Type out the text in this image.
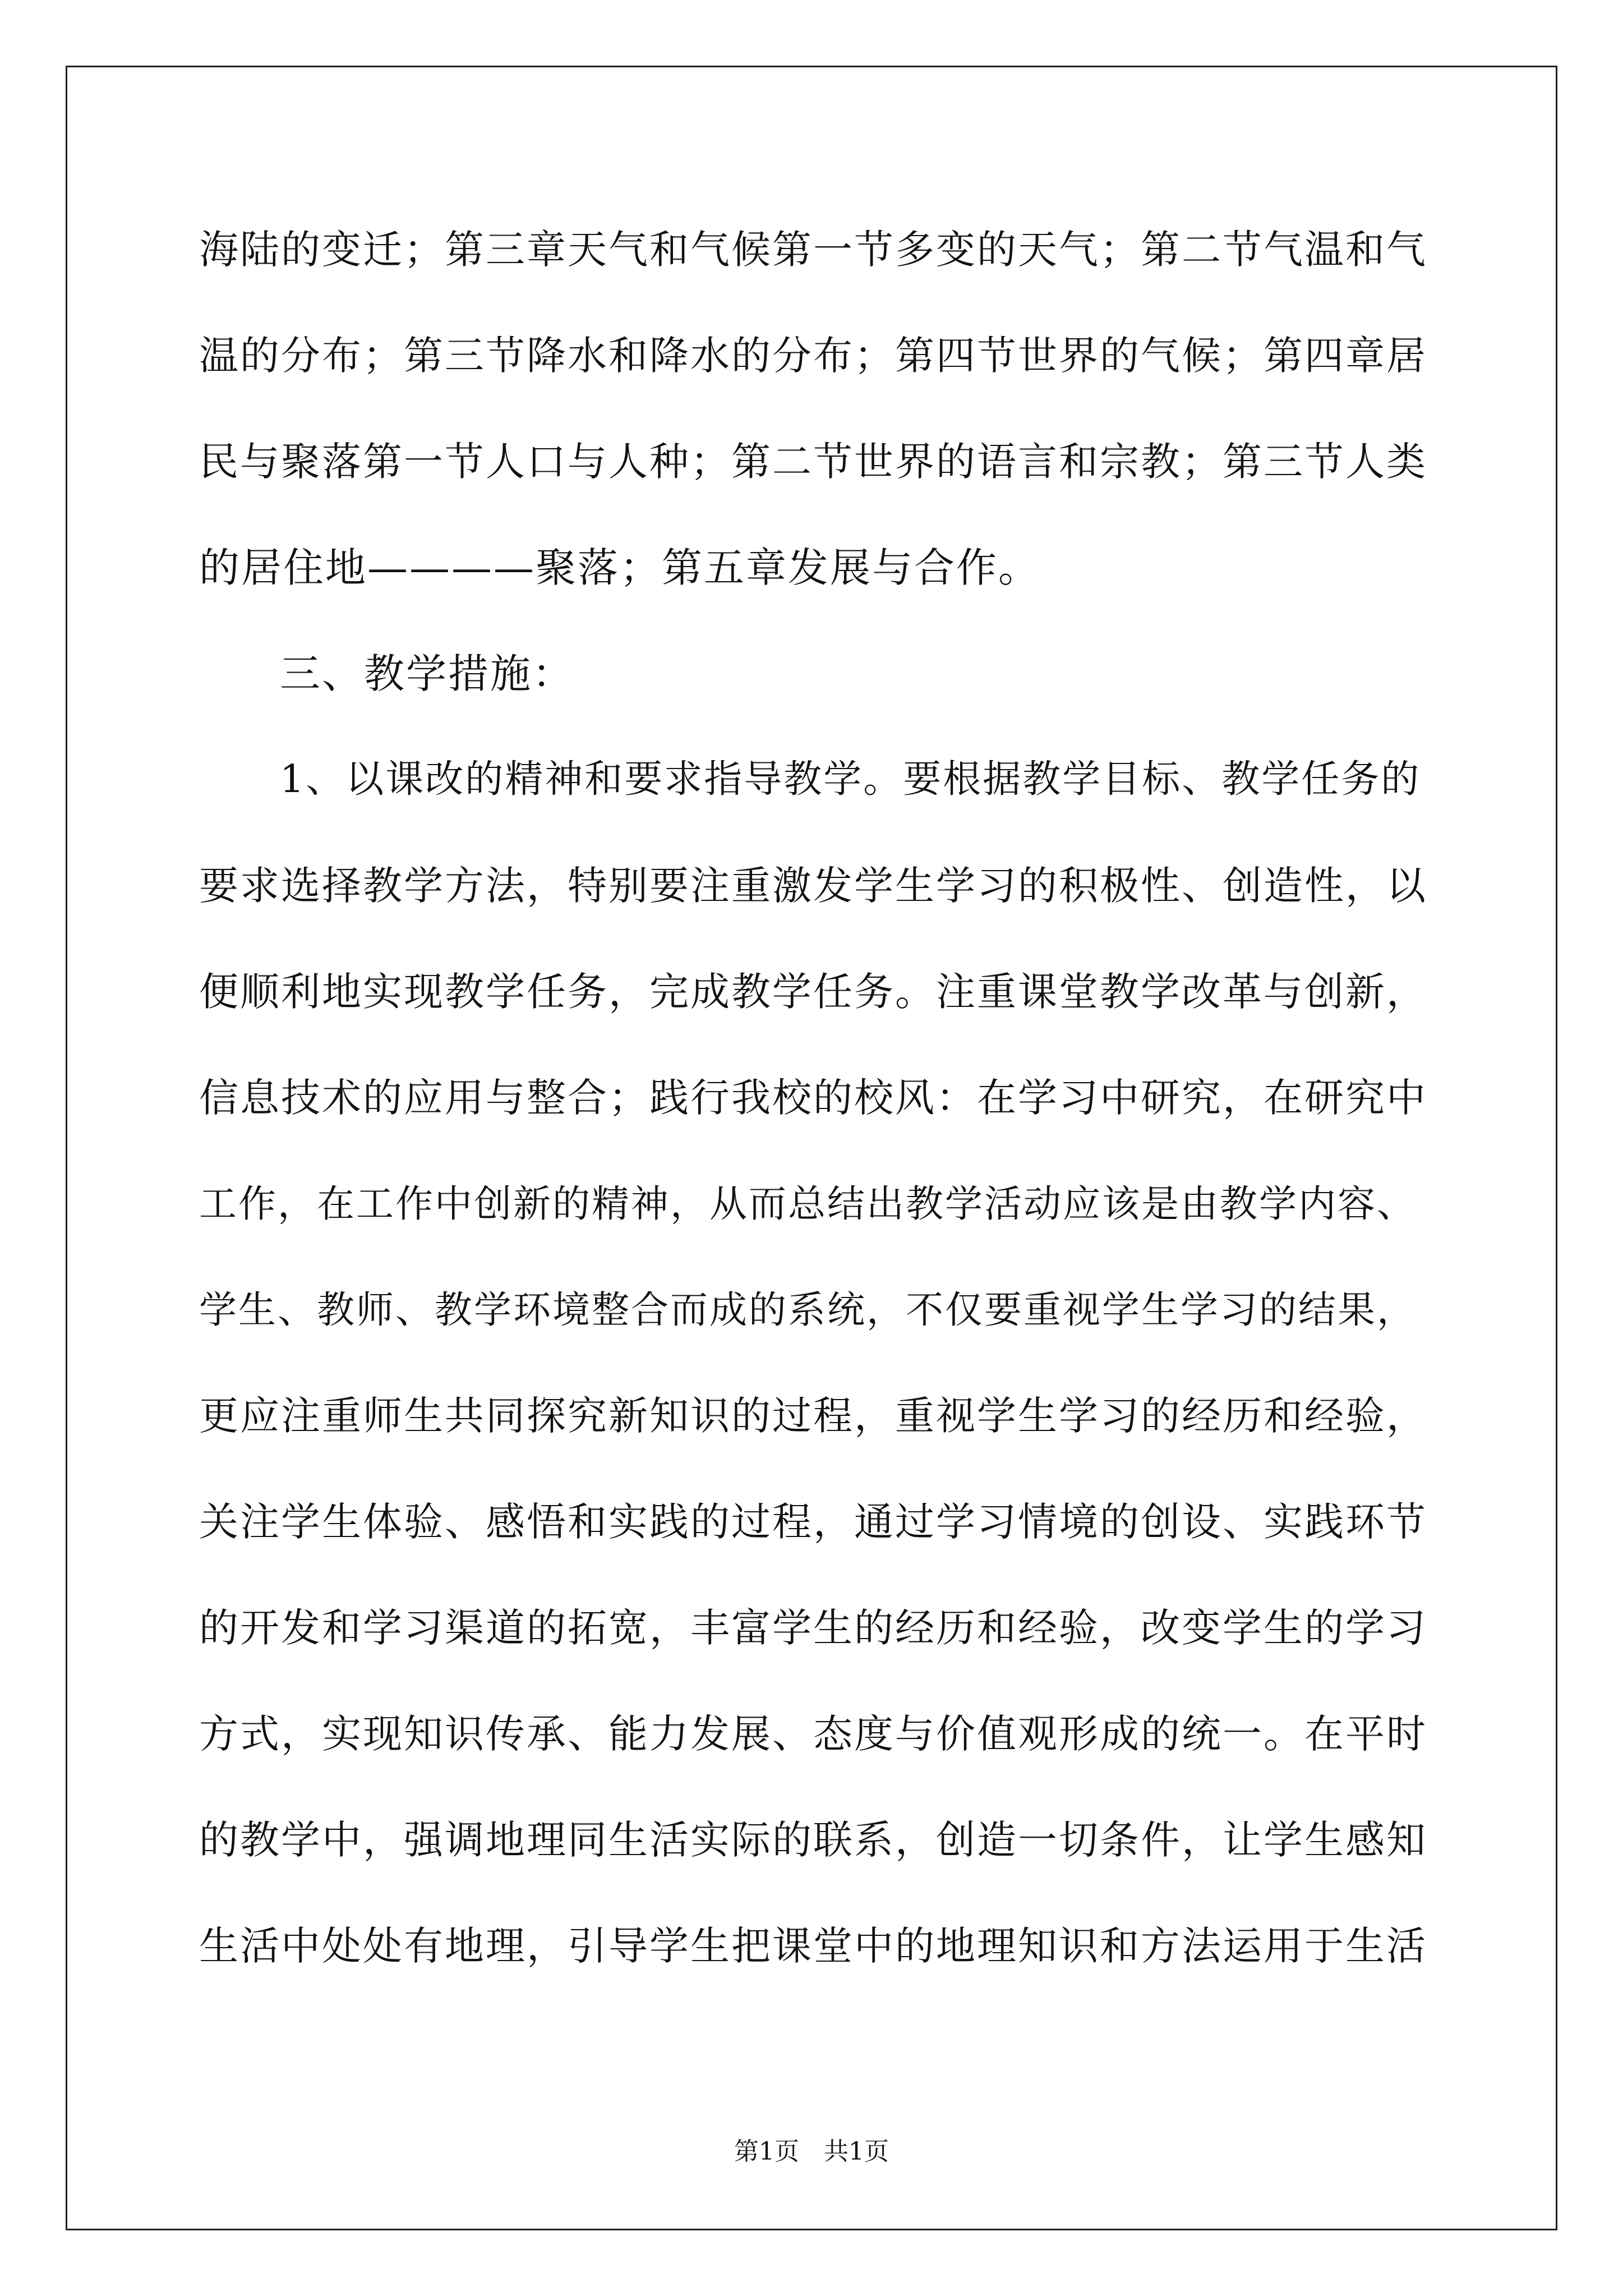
海陆的变迁；第三章天气和气候第一节多变的天气；第二节气温和气
温的分布；第三节降水和降水的分布；第四节世界的气候；第四章居
民与聚落第一节人口与人种；第二节世界的语言和宗教；第三节人类
的居住地————聚落；第五章发展与合作。
三、教学措施：
1、以课改的精神和要求指导教学。要根据教学目标、教学任务的
要求选择教学方法，特别要注重激发学生学习的积极性、创造性，以
便顺利地实现教学任务，完成教学任务。注重课堂教学改革与创新，
信息技术的应用与整合；践行我校的校风：在学习中研究，在研究中
工作，在工作中创新的精神，从而总结出教学活动应该是由教学内容、
学生、教师、教学环境整合而成的系统，不仅要重视学生学习的结果，
更应注重师生共同探究新知识的过程，重视学生学习的经历和经验，
关注学生体验、感悟和实践的过程，通过学习情境的创设、实践环节
的开发和学习渠道的拓宽，丰富学生的经历和经验，改变学生的学习
方式，实现知识传承、能力发展、态度与价值观形成的统一。在平时
的教学中，强调地理同生活实际的联系，创造一切条件，让学生感知
生活中处处有地理，引导学生把课堂中的地理知识和方法运用于生活
第1页　共1页
